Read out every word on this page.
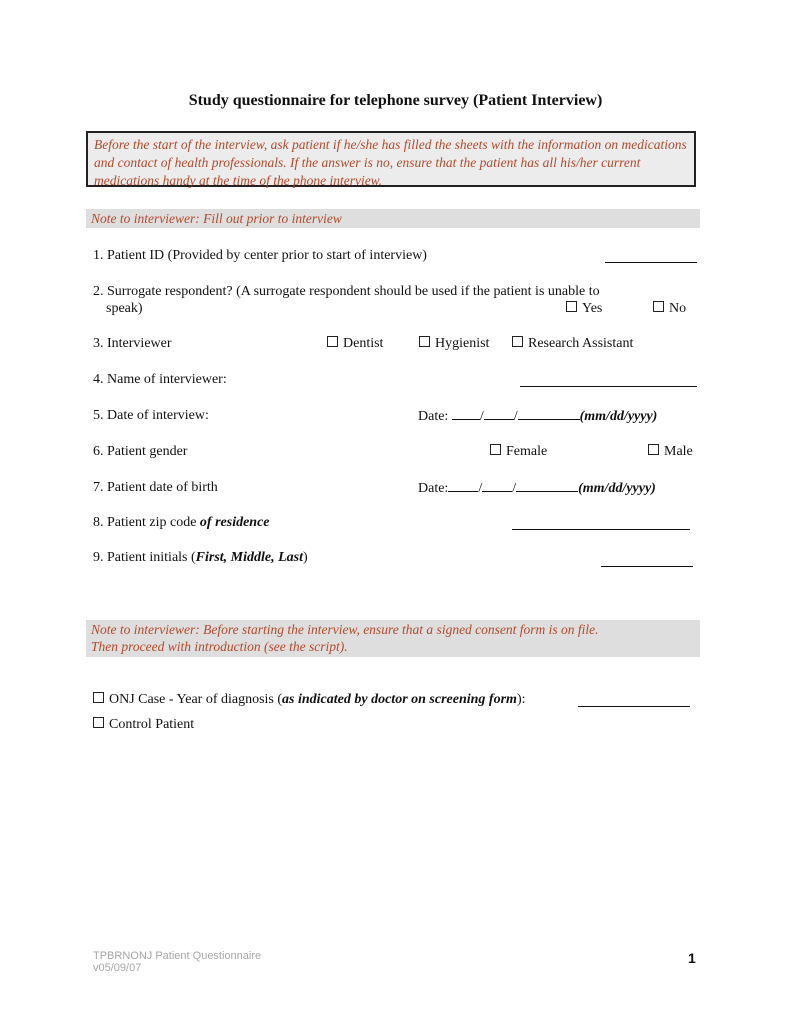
Study questionnaire for telephone survey (Patient Interview)
Before the start of the interview, ask patient if he/she has filled the sheets with the information on medications and contact of health professionals. If the answer is no, ensure that the patient has all his/her current medications handy at the time of the phone interview.
Note to interviewer: Fill out prior to interview
1. Patient ID (Provided by center prior to start of interview)
2. Surrogate respondent? (A surrogate respondent should be used if the patient is unable to
speak)	Yes	No
3. Interviewer	Dentist	Hygienist	Research Assistant
4. Name of interviewer:
5. Date of interview:	Date: / /	(mm/dd/yyyy)
6. Patient gender	Female	Male
7. Patient date of birth	Date: / /	(mm/dd/yyyy)
8. Patient zip code of residence
9. Patient initials (First, Middle, Last)
Note to interviewer: Before starting the interview, ensure that a signed consent form is on file.
Then proceed with introduction (see the script).
ONJ Case - Year of diagnosis (as indicated by doctor on screening form):
Control Patient
TPBRNONJ Patient Questionnaire
v05/09/07
1
